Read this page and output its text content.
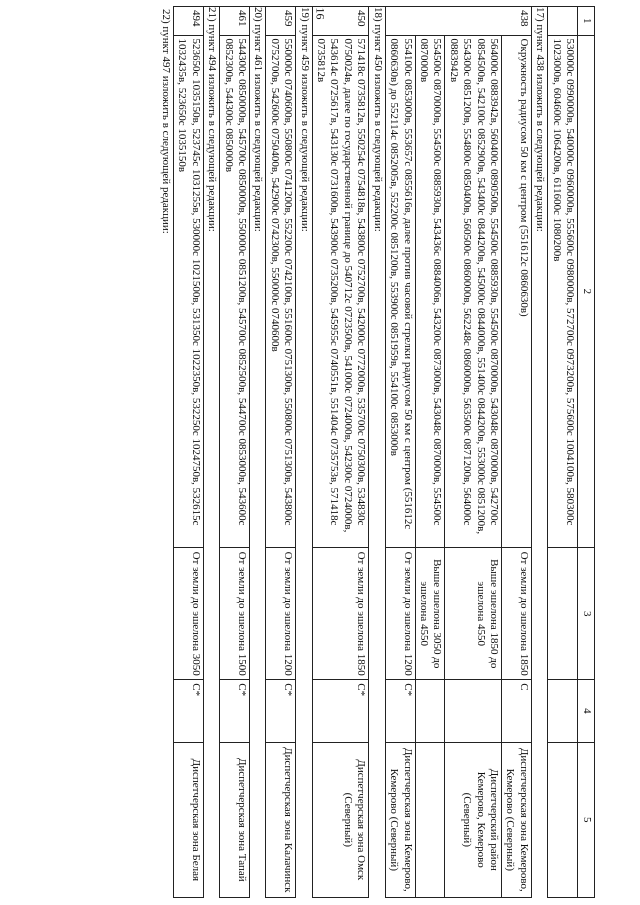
16
1	2	3	4	5
	530000с 0990000в, 540000с 0960000в, 555600с 0980000в, 572700с 0973200в, 575600с 1004100в, 580300с 1023000в, 604600с 1064200в, 611600с 1080200в			
17) пункт 438 изложить в следующей редакции:				
438	Окружность радиусом 50 км с центром (551612с 0860630в)	От земли до эшелона 1850	С	Диспетчерская зона Кемерово, Кемерово (Северный)
	564000с 0883942в, 560400с 0890500в, 554500с 0885930в, 554500с 0870000в, 543048с 0870000в, 542700с 0854500в, 542100с 0852900в, 543400с 0844200в, 545000с 0844000в, 551400с 0844200в, 553000с 0851200в, 554300с 0851200в, 554800с 0850400в, 560500с 0860000в, 562248с 0860000в, 563500с 0871200в, 564000с 0883942в	Выше эшелона 1850 до эшелона 4550		Диспетчерский район Кемерово, Кемерово (Северный)
	554500с 0870000в, 554500с 0885930в, 543436с 0884006в, 543200с 0873000в, 543048с 0870000в, 554500с 0870000в	Выше эшелона 3050 до эшелона 4550		
	554100с 0853000в, 553657с 0855616в, далее против часовой стрелки радиусом 50 км с центром (551612с 0860630в) до 552114с 0852005в, 552200с 0851200в, 553900с 0851959в, 554100с 0853000в	От земли до эшелона 1200	С*	Диспетчерская зона Кемерово, Кемерово (Северный)
18) пункт 450 изложить в следующей редакции:				
450	571418с 0735812в, 550254с 0754818в, 543800с 0752700в, 542000с 0772000в, 535700с 0750300в, 534830с 0750024в, далее по государственной границе до 540712с 0723500в, 541000с 0724000в, 542300с 0724000в, 543614с 0725617в, 543130с 0731600в, 543900с 0735200в, 545955с 0740551в, 551404с 0735753в, 571418с 0735812в	От земли до эшелона 1850	С*	Диспетчерская зона Омск (Северный)
19) пункт 459 изложить в следующей редакции:				
459	550000с 0740600в, 550800с 0741200в, 552200с 0742100в, 551600с 0751300в, 550800с 0751300в, 543800с 0752700в, 542600с 0750400в, 542900с 0742300в, 550000с 0740600в	От земли до эшелона 1200	С*	Диспетчерская зона Калачинск
20) пункт 461 изложить в следующей редакции:				
461	544300с 0850000в, 545700с 0850000в, 550000с 0851200в, 545700с 0852500в, 544700с 0853000в, 543600с 0852300в, 544300с 0850000в	От земли до эшелона 1500	С*	Диспетчерская зона Тапай
21) пункт 494 изложить в следующей редакции:				
494	523650с 1035150в, 523745с 1031255в, 530000с 1021500в, 531350с 1022350в, 532250с 1024750в, 532615с 1032435в, 523650с 1035150в	От земли до эшелона 3050	С*	Диспетчерская зона Белая
22) пункт 497 изложить в следующей редакции:
